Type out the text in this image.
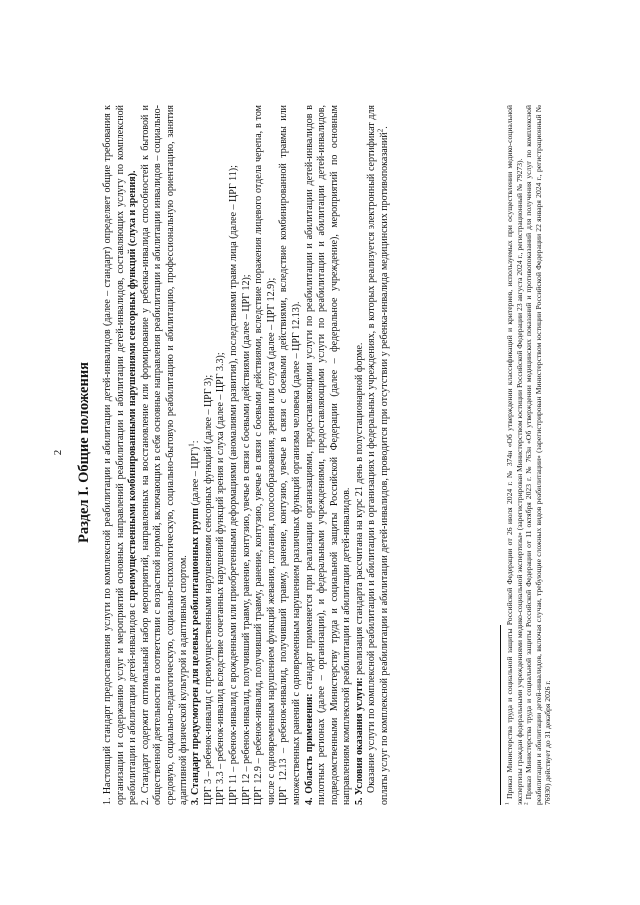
2 Раздел I. Общие положения 1. Настоящий стандарт предоставления услуги по комплексной реабилитации и абилитации детей-инвалидов (далее – стандарт) определяет общие требования к организации и содержанию услуг и мероприятий основных направлений реабилитации и абилитации детей-инвалидов, составляющих услугу по комплексной реабилитации и абилитации детей-инвалидов с преимущественными комбинированными нарушениями сенсорных функций (слуха и зрения). 2. Стандарт содержит оптимальный набор мероприятий, направленных на восстановление или формирование у ребенка-инвалида способностей к бытовой и общественной деятельности в соответствии с возрастной нормой, включающих в себя основные направления реабилитации и абилитации инвалидов – социально-средовую, социально-педагогическую, социально-психологическую, социально-бытовую реабилитацию и абилитацию, профессиональную ориентацию, занятия адаптивной физической культурой и адаптивным спортом. 3. Стандарт предусмотрен для целевых реабилитационных групп (далее – ЦРГ)$^1$: ЦРГ 3 – ребенок-инвалид с преимущественными нарушениями сенсорных функций (далее – ЦРГ 3); ЦРГ 3.3 – ребенок-инвалид вследствие сочетанных нарушений функций зрения и слуха (далее – ЦРГ 3.3); ЦРГ 11 – ребенок-инвалид с врожденными или приобретенными деформациями (аномалиями развития), последствиями травм лица (далее – ЦРГ 11); ЦРГ 12 – ребенок-инвалид, получивший травму, ранение, контузию, увечье в связи с боевыми действиями (далее – ЦРГ 12); ЦРГ 12.9 – ребенок-инвалид, получивший травму, ранение, контузию, увечье в связи с боевыми действиями, вследствие поражения лицевого отдела черепа, в том числе с одновременным нарушением функций жевания, глотания, голосообразования, зрения или слуха (далее – ЦРГ 12.9); ЦРГ 12.13 – ребенок-инвалид, получивший травму, ранение, контузию, увечье в связи с боевыми действиями, вследствие комбинированной травмы или множественных ранений с одновременным нарушением различных функций организма человека (далее – ЦРГ 12.13). 4. Область применения: стандарт применяется при реализации организациями, предоставляющими услуги по реабилитации и абилитации детей-инвалидов в пилотных регионах (далее – организации), и федеральными учреждениями, предоставляющими услуги по реабилитации и абилитации детей-инвалидов, подведомственными Министерству труда и социальной защиты Российской Федерации (далее – федеральное учреждение), мероприятий по основным направлениям комплексной реабилитации и абилитации детей-инвалидов. 5. Условия оказания услуги: реализация стандарта рассчитана на курс 21 день в полустационарной форме. Оказание услуги по комплексной реабилитации и абилитации в организациях и федеральных учреждениях, в которых реализуется электронный сертификат для оплаты услуг по комплексной реабилитации и абилитации детей-инвалидов, проводится при отсутствии у ребенка-инвалида медицинских противопоказаний$^2$.

$^1$ Приказ Министерства труда и социальной защиты Российской Федерации от 26 июля 2024 г. № 374н «Об утверждении классификаций и критериев, используемых при осуществлении медико-социальной экспертизы граждан федеральными учреждениями медико-социальной экспертизы» (зарегистрирован Министерством юстиции Российской Федерации 23 августа 2024 г., регистрационный № 79273). $^2$ Приказ Министерства труда и социальной защиты Российской Федерации от 11 октября 2023 г. № 763н «Об утверждении медицинских показаний и противопоказаний для получения услуг по комплексной реабилитации и абилитации детей-инвалидов, включая случаи, требующие сложных видов реабилитации» (зарегистрирован Министерством юстиции Российской Федерации 22 января 2024 г., регистрационный № 76930) действует до 31 декабря 2026 г.
